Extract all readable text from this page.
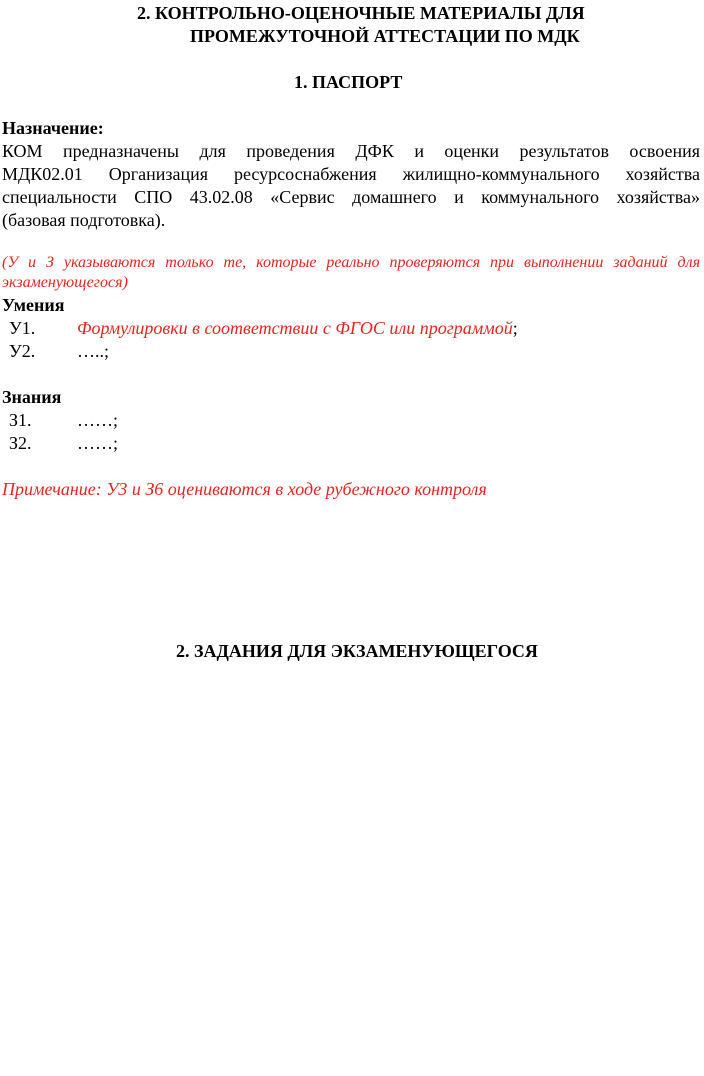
2. КОНТРОЛЬНО-ОЦЕНОЧНЫЕ МАТЕРИАЛЫ ДЛЯ
ПРОМЕЖУТОЧНОЙ АТТЕСТАЦИИ ПО МДК
1. ПАСПОРТ
Назначение:
КОМ предназначены для проведения ДФК и оценки результатов освоения
МДК02.01 Организация ресурсоснабжения жилищно-коммунального хозяйства
специальности СПО 43.02.08 «Сервис домашнего и коммунального хозяйства»
(базовая подготовка).
(У и З указываются только те, которые реально проверяются при выполнении заданий для
экзаменующегося)
Умения
У1. Формулировки в соответствии с ФГОС или программой;
У2. …..;
Знания
З1.	……;
З2.	……;
Примечание: У3 и З6 оцениваются в ходе рубежного контроля
2. ЗАДАНИЯ ДЛЯ ЭКЗАМЕНУЮЩЕГОСЯ
